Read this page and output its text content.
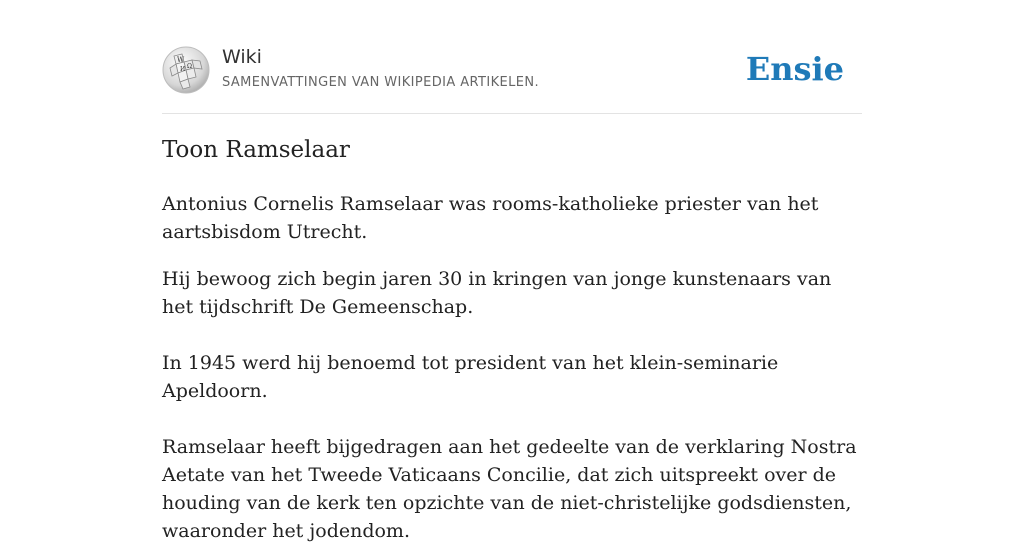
W
Ω
И
Wiki
SAMENVATTINGEN VAN WIKIPEDIA ARTIKELEN.	Ensie
Toon Ramselaar

Antonius Cornelis Ramselaar was rooms-katholieke priester van het aartsbisdom Utrecht.

Hij bewoog zich begin jaren 30 in kringen van jonge kunstenaars van het tijdschrift De Gemeenschap.

In 1945 werd hij benoemd tot president van het klein-seminarie Apeldoorn.

Ramselaar heeft bijgedragen aan het gedeelte van de verklaring Nostra Aetate van het Tweede Vaticaans Concilie, dat zich uitspreekt over de houding van de kerk ten opzichte van de niet-christelijke godsdiensten, waaronder het jodendom.
